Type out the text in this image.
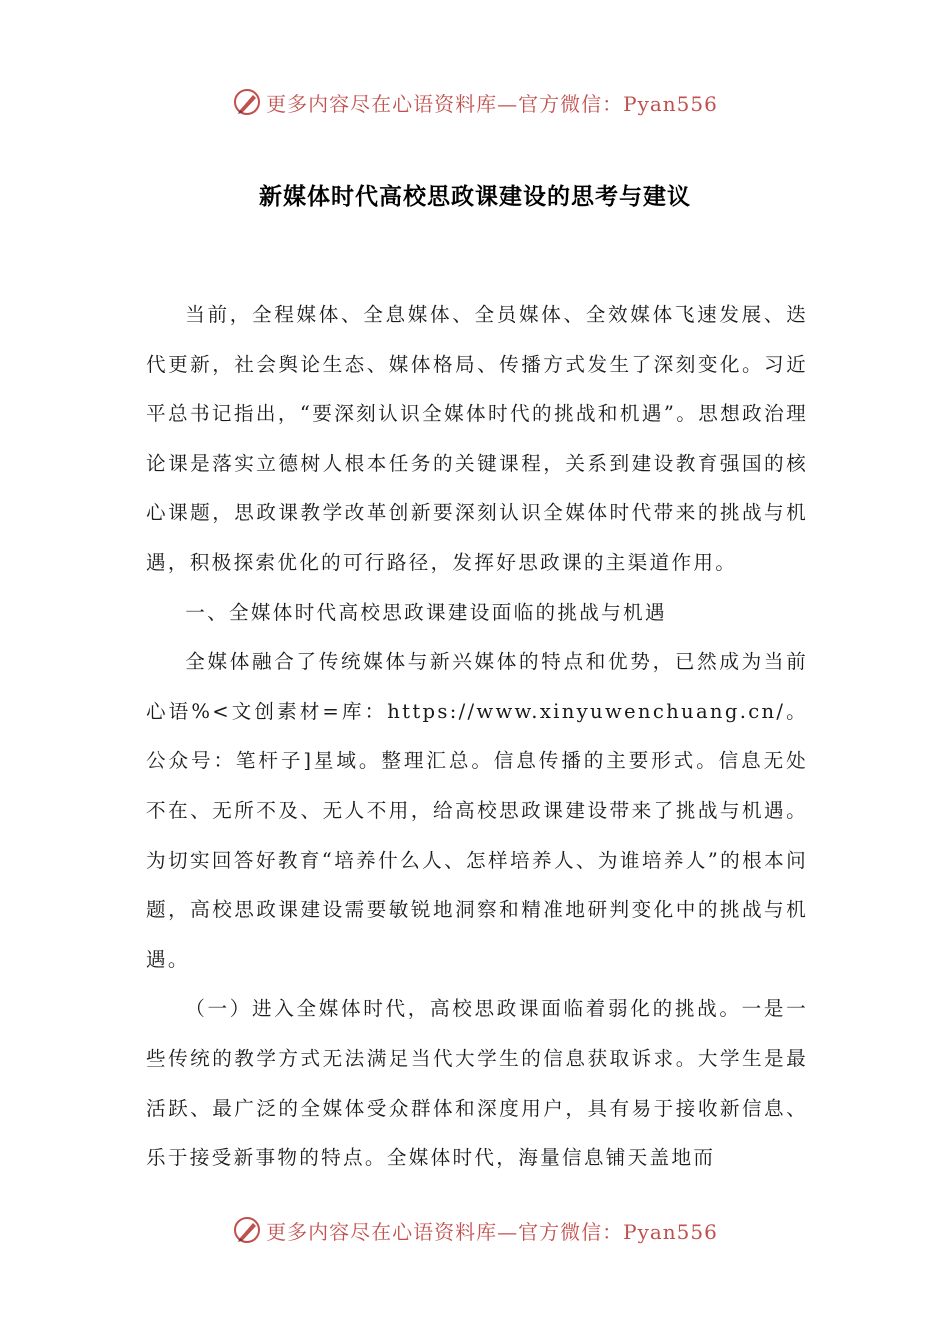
更多内容尽在心语资料库—官方微信：Pyan556
新媒体时代高校思政课建设的思考与建议

当前，全程媒体、全息媒体、全员媒体、全效媒体飞速发展、迭代更新，社会舆论生态、媒体格局、传播方式发生了深刻变化。习近平总书记指出，“要深刻认识全媒体时代的挑战和机遇”。思想政治理论课是落实立德树人根本任务的关键课程，关系到建设教育强国的核心课题，思政课教学改革创新要深刻认识全媒体时代带来的挑战与机遇，积极探索优化的可行路径，发挥好思政课的主渠道作用。

一、全媒体时代高校思政课建设面临的挑战与机遇

全媒体融合了传统媒体与新兴媒体的特点和优势，已然成为当前心语%<文创素材=库：https://www.xinyuwenchuang.cn/。公众号：笔杆子]星域。整理汇总。信息传播的主要形式。信息无处不在、无所不及、无人不用，给高校思政课建设带来了挑战与机遇。为切实回答好教育“培养什么人、怎样培养人、为谁培养人”的根本问题，高校思政课建设需要敏锐地洞察和精准地研判变化中的挑战与机遇。

（一）进入全媒体时代，高校思政课面临着弱化的挑战。一是一些传统的教学方式无法满足当代大学生的信息获取诉求。大学生是最活跃、最广泛的全媒体受众群体和深度用户，具有易于接收新信息、乐于接受新事物的特点。全媒体时代，海量信息铺天盖地而

更多内容尽在心语资料库—官方微信：Pyan556
